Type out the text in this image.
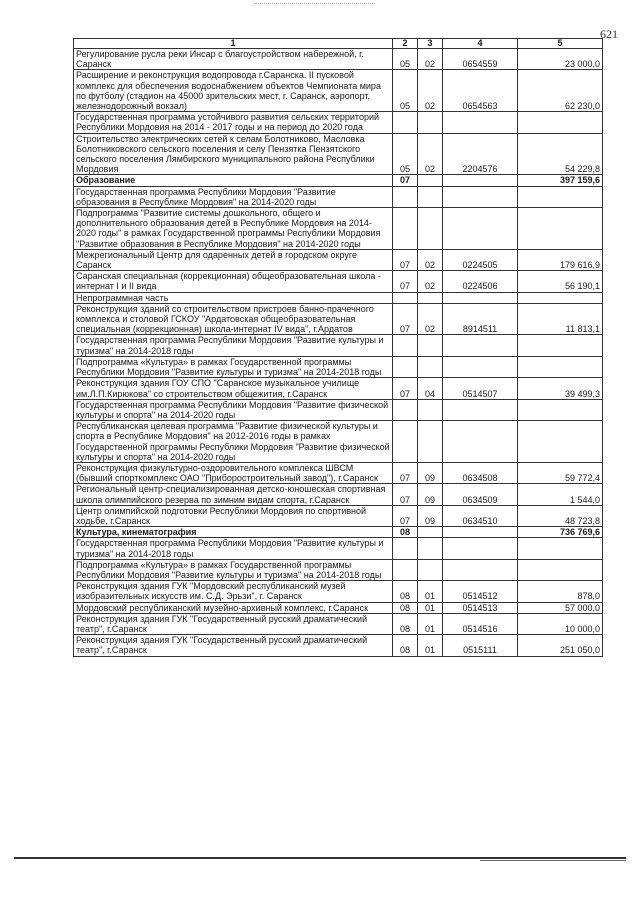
621
1	2	3	4	5
Регулирование русла реки Инсар с благоустройством набережной, г. Саранск	05	02	0654559	23 000,0
Расширение и реконструкция водопровода г.Саранска. II пусковой комплекс для обеспечения водоснабжением объектов Чемпионата мира по футболу (стадион на 45000 зрительских мест, г. Саранск, аэропорт, железнодорожный вокзал)	05	02	0654563	62 230,0
Государственная программа устойчивого развития сельских территорий Республики Мордовия на 2014 - 2017 годы и на период до 2020 года				
Строительство электрических сетей к селам Болотниково, Масловка Болотниковского сельского поселения и селу Пензятка Пензятского сельского поселения Лямбирского муниципального района Республики Мордовия	05	02	2204576	54 229,8
Образование	07			397 159,6
Государственная программа Республики Мордовия "Развитие образования в Республике Мордовия" на 2014-2020 годы				
Подпрограмма "Развитие системы дошкольного, общего и дополнительного образования детей в Республике Мордовия на 2014-2020 годы" в рамках Государственной программы Республики Мордовия "Развитие образования в Республике Мордовия" на 2014-2020 годы				
Межрегиональный Центр для одаренных детей в городском округе Саранск	07	02	0224505	179 616,9
Саранская специальная (коррекционная) общеобразовательная школа - интернат I и II вида	07	02	0224506	56 190,1
Непрограммная часть				
Реконструкция зданий со строительством пристроев банно-прачечного комплекса и столовой ГСКОУ "Ардатовская общеобразовательная специальная (коррекционная) школа-интернат IV вида", г.Ардатов	07	02	8914511	11 813,1
Государственная программа Республики Мордовия "Развитие культуры и туризма" на 2014-2018 годы				
Подпрограмма «Культура» в рамках Государственной программы Республики Мордовия "Развитие культуры и туризма" на 2014-2018 годы				
Реконструкция здания ГОУ СПО "Саранское музыкальное училище им.Л.П.Кирюкова" со строительством общежития, г.Саранск	07	04	0514507	39 499,3
Государственная программа Республики Мордовия "Развитие физической культуры и спорта" на 2014-2020 годы				
Республиканская целевая программа "Развитие физической культуры и спорта в Республике Мордовия" на 2012-2016 годы в рамках Государственной программы Республики Мордовия "Развитие физической культуры и спорта" на 2014-2020 годы				
Реконструкция физкультурно-оздоровительного комплекса ШВСМ (бывший спорткомплекс ОАО "Приборостроительный завод"), г.Саранск	07	09	0634508	59 772,4
Региональный центр-специализированная детско-юношеская спортивная школа олимпийского резерва по зимним видам спорта, г.Саранск	07	09	0634509	1 544,0
Центр олимпийской подготовки Республики Мордовия по спортивной ходьбе, г.Саранск	07	09	0634510	48 723,8
Культура, кинематография	08			736 769,6
Государственная программа Республики Мордовия "Развитие культуры и туризма" на 2014-2018 годы				
Подпрограмма «Культура» в рамках Государственной программы Республики Мордовия "Развитие культуры и туризма" на 2014-2018 годы				
Реконструкция здания ГУК "Мордовский республиканский музей изобразительных искусств им. С.Д. Эрьзи", г. Саранск	08	01	0514512	878,0
Мордовский республиканский музейно-архивный комплекс, г.Саранск	08	01	0514513	57 000,0
Реконструкция здания ГУК "Государственный русский драматический театр", г.Саранск	08	01	0514516	10 000,0
Реконструкция здания ГУК "Государственный русский драматический театр", г.Саранск	08	01	0515111	251 050,0
